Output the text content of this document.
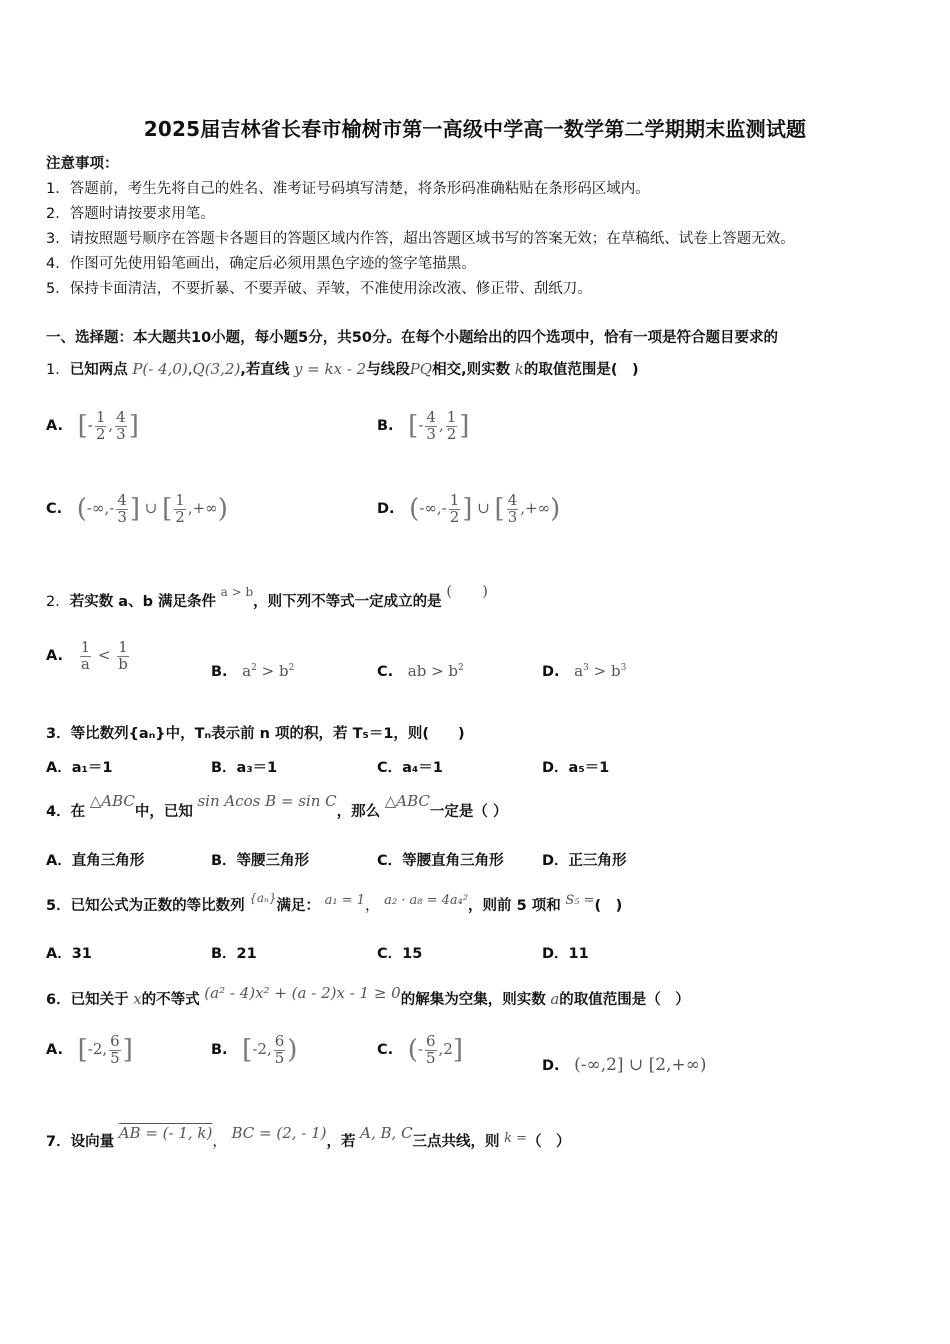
2025届吉林省长春市榆树市第一高级中学高一数学第二学期期末监测试题
注意事项：
1．答题前，考生先将自己的姓名、准考证号码填写清楚，将条形码准确粘贴在条形码区域内。
2．答题时请按要求用笔。
3．请按照题号顺序在答题卡各题目的答题区域内作答，超出答题区域书写的答案无效；在草稿纸、试卷上答题无效。
4．作图可先使用铅笔画出，确定后必须用黑色字迹的签字笔描黑。
5．保持卡面清洁，不要折暴、不要弄破、弄皱，不准使用涂改液、修正带、刮纸刀。
一、选择题：本大题共10小题，每小题5分，共50分。在每个小题给出的四个选项中，恰有一项是符合题目要求的
1．已知两点 P(- 4,0),Q(3,2),若直线 y = kx - 2与线段PQ相交,则实数 k的取值范围是(　)
A. [- $\frac{1}{2}$ , $\frac{4}{3}$ ]	B. [- $\frac{4}{3}$ , $\frac{1}{2}$ ]
C. (-∞,- $\frac{4}{3}$ ] ∪ [ $\frac{1}{2}$ ,+∞)	D. (-∞,- $\frac{1}{2}$ ] ∪ [ $\frac{4}{3}$ ,+∞)
2．若实数 a、b 满足条件 $^{a > b}$，则下列不等式一定成立的是 (　　)
A. $\frac{1}{a} < \frac{1}{b}$	B. $a^2 > b^2$	C. ab > $b^2$	D. $a^3 > b^3$
3．等比数列{aₙ}中，Tₙ表示前 n 项的积，若 T₅＝1，则(　　)
A．a₁＝1	B．a₃＝1	C．a₄＝1	D．a₅＝1
4．在 △ABC中，已知 sin Acos B = sin C，那么 △ABC一定是（ ）
A．直角三角形	B．等腰三角形	C．等腰直角三角形	D．正三角形
5．已知公式为正数的等比数列 $^{\{a_n\}}$满足： a₁ = 1， a₂ · a₈ = 4a₄²，则前 5 项和 S₅ =(　)
A．31	B．21	C．15	D．11
6．已知关于 x的不等式 (a² - 4)x² + (a - 2)x - 1 ≥ 0的解集为空集，则实数 a的取值范围是（　）
A. [-2, $\frac{6}{5}$ ]	B. [-2, $\frac{6}{5}$ )	C. (- $\frac{6}{5} ,2$]
D. (-∞,2] ∪ [2,+∞)
7．设向量 AB = (- 1, k)， BC = (2, - 1)，若 A, B, C三点共线，则 k =（　）
